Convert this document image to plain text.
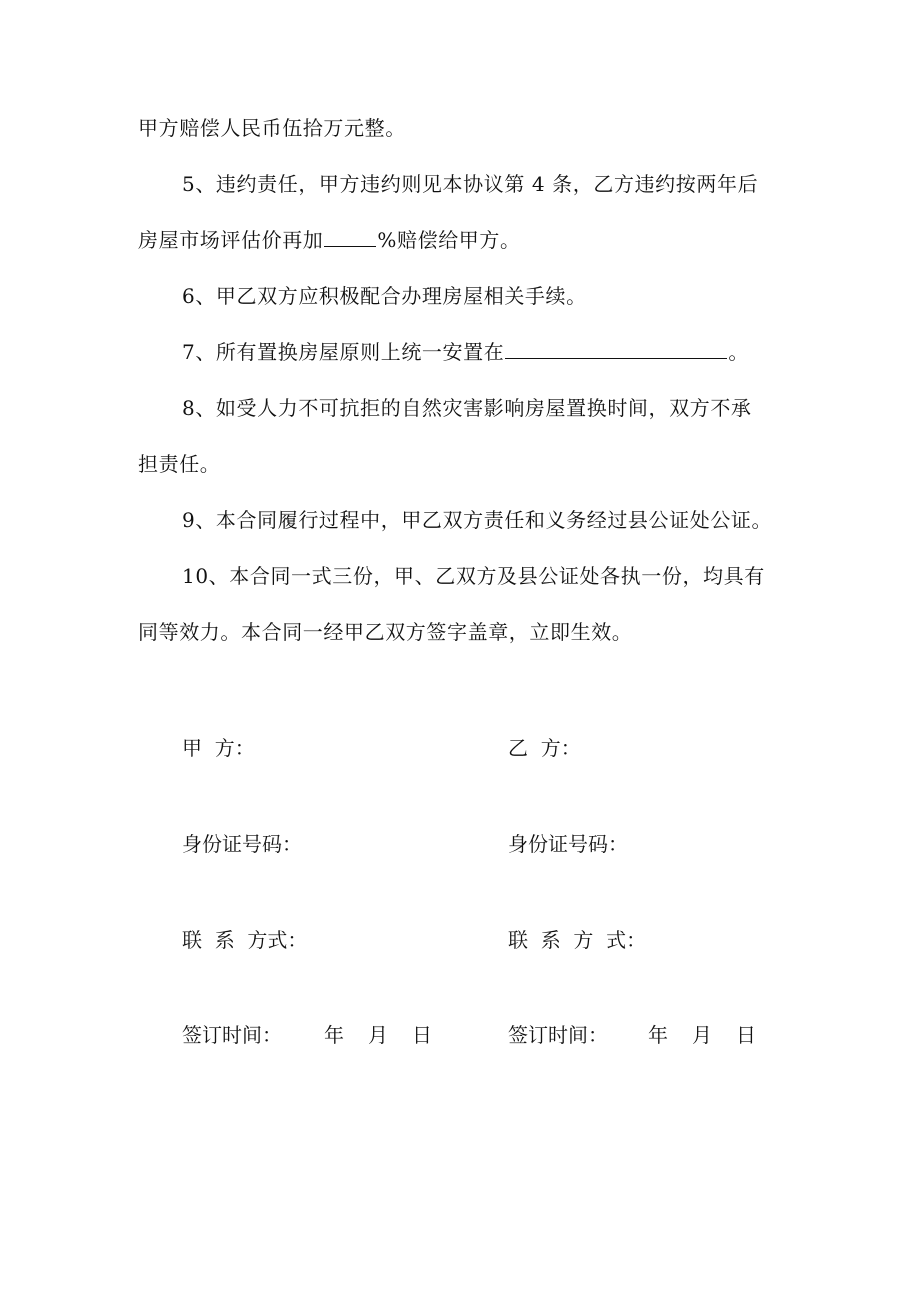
甲方赔偿人民币伍拾万元整。
5、违约责任，甲方违约则见本协议第 4 条，乙方违约按两年后
房屋市场评估价再加	%赔偿给甲方。
6、甲乙双方应积极配合办理房屋相关手续。
7、所有置换房屋原则上统一安置在	。
8、如受人力不可抗拒的自然灾害影响房屋置换时间，双方不承
担责任。
9、本合同履行过程中，甲乙双方责任和义务经过县公证处公证。
10、本合同一式三份，甲、乙双方及县公证处各执一份，均具有
同等效力。本合同一经甲乙双方签字盖章，立即生效。
甲  方：	乙  方：
身份证号码：	身份证号码：
联  系  方式：	联  系  方  式：
签订时间： 年 月 日	签订时间： 年 月 日
